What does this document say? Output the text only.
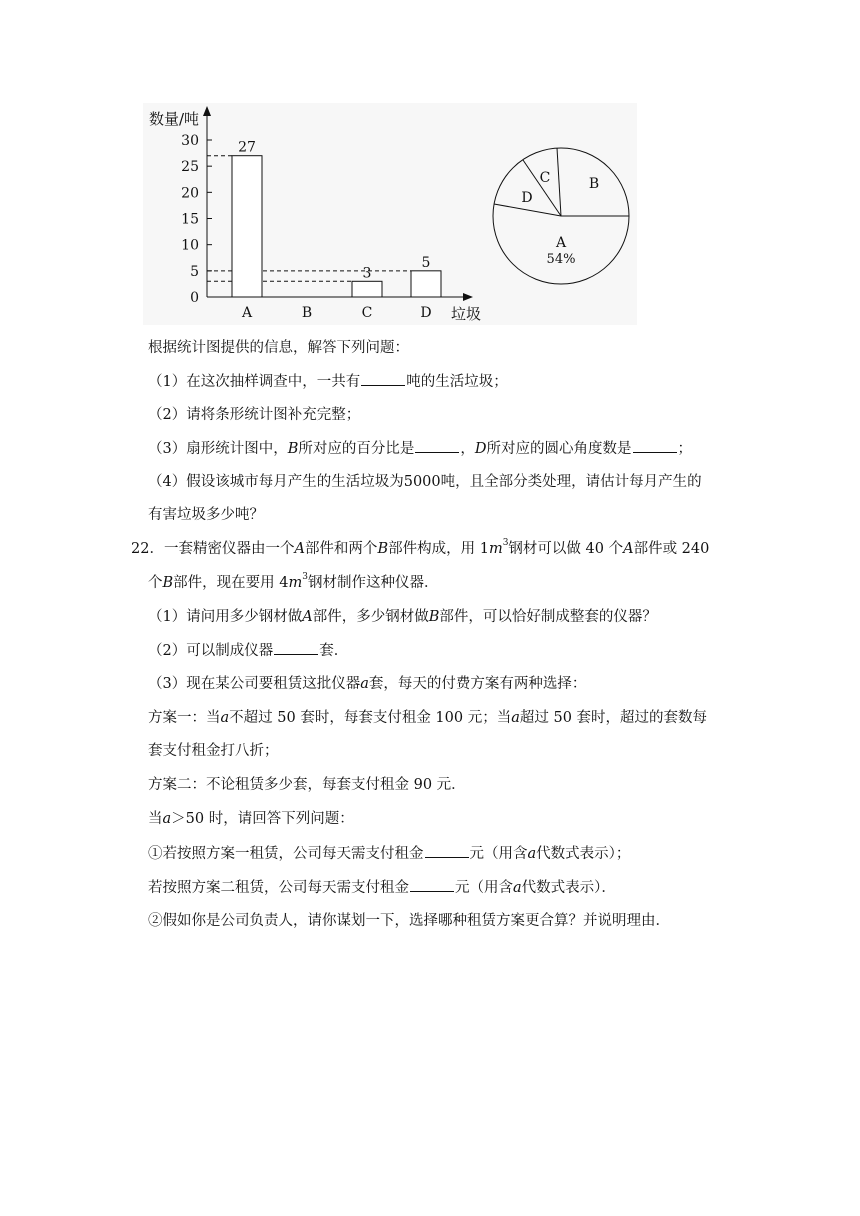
数量/吨
垃圾
0
5
10
15
20
25
30
A	B	C	D
27
3
5
A
54%
B
C
D
根据统计图提供的信息，解答下列问题：
（1）在这次抽样调查中，一共有	吨的生活垃圾；
（2）请将条形统计图补充完整；
（3）扇形统计图中，B所对应的百分比是	，D所对应的圆心角度数是	；
（4）假设该城市每月产生的生活垃圾为5000吨，且全部分类处理，请估计每月产生的
有害垃圾多少吨？
22．一套精密仪器由一个A部件和两个B部件构成，用 $1m^3$钢材可以做 40 个A部件或 240
个B部件，现在要用 $4m^3$钢材制作这种仪器．
（1）请问用多少钢材做A部件，多少钢材做B部件，可以恰好制成整套的仪器？
（2）可以制成仪器	套．
（3）现在某公司要租赁这批仪器a套，每天的付费方案有两种选择：
方案一：当a不超过 50 套时，每套支付租金 100 元；当a超过 50 套时，超过的套数每
套支付租金打八折；
方案二：不论租赁多少套，每套支付租金 90 元．
当a＞50 时，请回答下列问题：
①若按照方案一租赁，公司每天需支付租金	元（用含a代数式表示）；
若按照方案二租赁，公司每天需支付租金	元（用含a代数式表示）．
②假如你是公司负责人，请你谋划一下，选择哪种租赁方案更合算？并说明理由．
